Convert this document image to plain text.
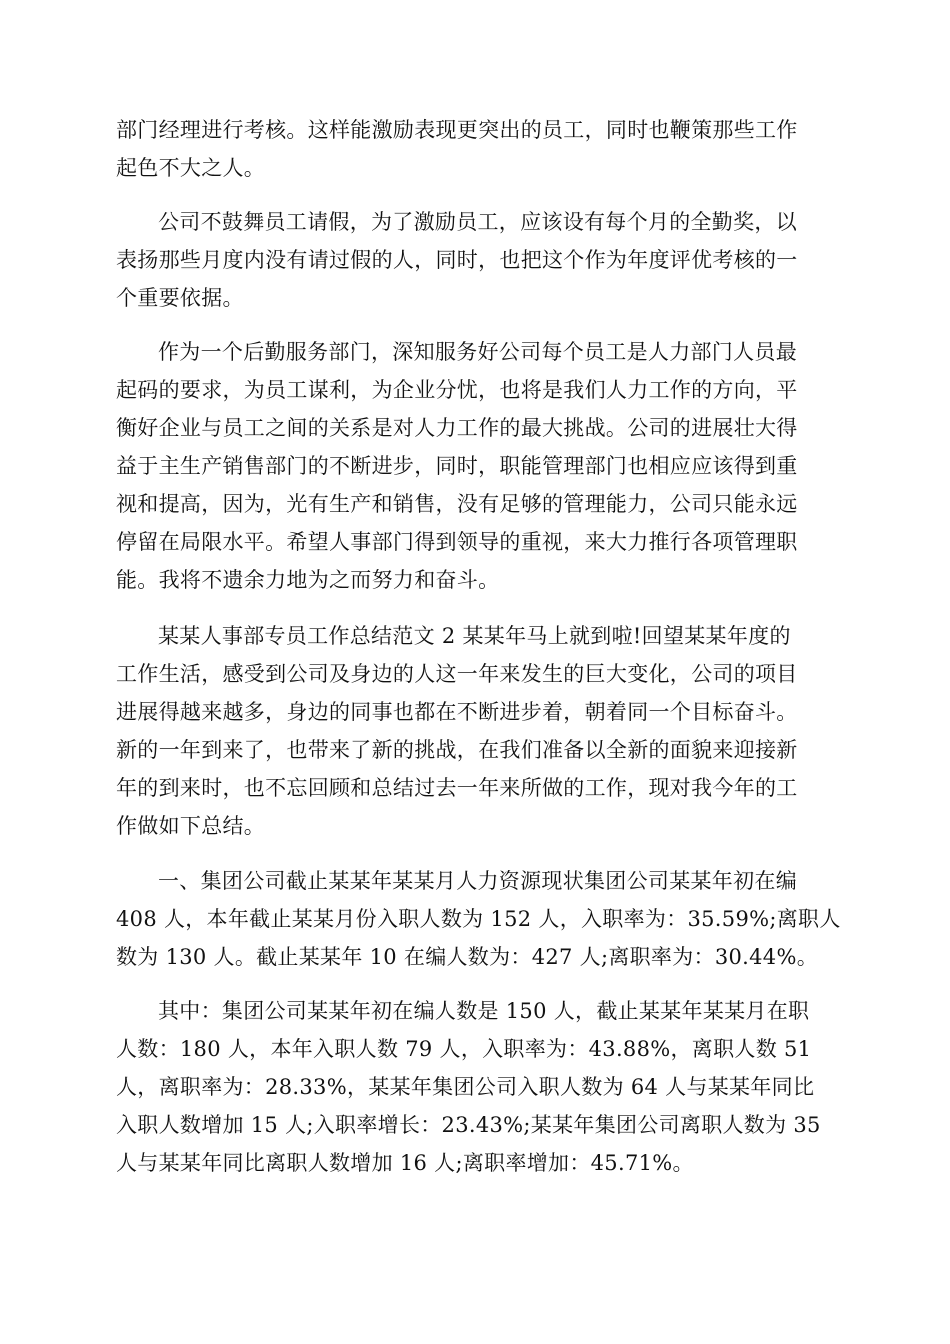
部门经理进行考核。这样能激励表现更突出的员工，同时也鞭策那些工作
起色不大之人。

公司不鼓舞员工请假，为了激励员工，应该设有每个月的全勤奖，以
表扬那些月度内没有请过假的人，同时，也把这个作为年度评优考核的一
个重要依据。

作为一个后勤服务部门，深知服务好公司每个员工是人力部门人员最
起码的要求，为员工谋利，为企业分忧，也将是我们人力工作的方向，平
衡好企业与员工之间的关系是对人力工作的最大挑战。公司的进展壮大得
益于主生产销售部门的不断进步，同时，职能管理部门也相应应该得到重
视和提高，因为，光有生产和销售，没有足够的管理能力，公司只能永远
停留在局限水平。希望人事部门得到领导的重视，来大力推行各项管理职
能。我将不遗余力地为之而努力和奋斗。

某某人事部专员工作总结范文 2 某某年马上就到啦!回望某某年度的
工作生活，感受到公司及身边的人这一年来发生的巨大变化，公司的项目
进展得越来越多，身边的同事也都在不断进步着，朝着同一个目标奋斗。
新的一年到来了，也带来了新的挑战，在我们准备以全新的面貌来迎接新
年的到来时，也不忘回顾和总结过去一年来所做的工作，现对我今年的工
作做如下总结。

一、集团公司截止某某年某某月人力资源现状集团公司某某年初在编
408 人，本年截止某某月份入职人数为 152 人，入职率为：35.59%;离职人
数为 130 人。截止某某年 10 在编人数为：427 人;离职率为：30.44%。

其中：集团公司某某年初在编人数是 150 人，截止某某年某某月在职
人数：180 人，本年入职人数 79 人，入职率为：43.88%，离职人数 51
人，离职率为：28.33%，某某年集团公司入职人数为 64 人与某某年同比
入职人数增加 15 人;入职率增长：23.43%;某某年集团公司离职人数为 35
人与某某年同比离职人数增加 16 人;离职率增加：45.71%。
